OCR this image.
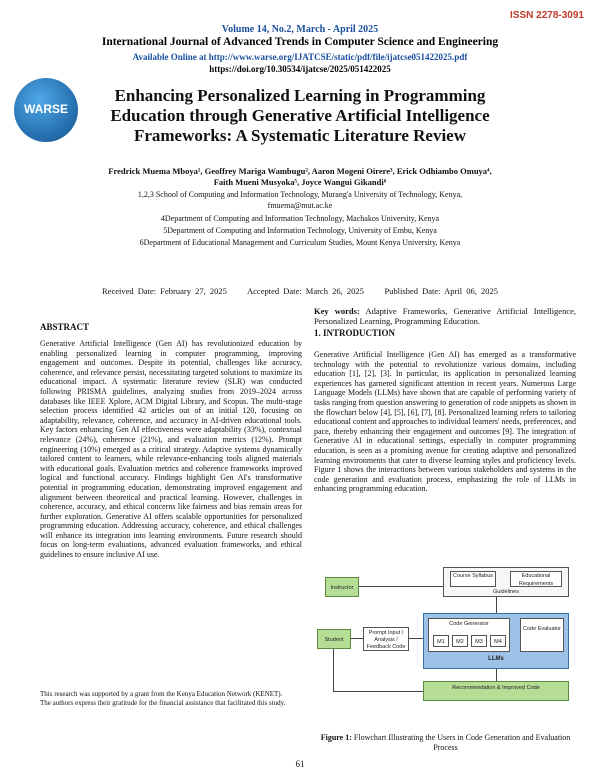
ISSN 2278-3091
Volume 14, No.2, March - April 2025
International Journal of Advanced Trends in Computer Science and Engineering
Available Online at http://www.warse.org/IJATCSE/static/pdf/file/ijatcse051422025.pdf
https://doi.org/10.30534/ijatcse/2025/051422025
WARSE
Enhancing Personalized Learning in Programming Education through Generative Artificial Intelligence Frameworks: A Systematic Literature Review
Fredrick Muema Mboya¹, Geoffrey Mariga Wambugu², Aaron Mogeni Oirere³, Erick Odhiambo Omuya⁴,
Faith Mueni Musyoka⁵, Joyce Wangui Gikandi⁶
1,2,3 School of Computing and Information Technology, Murang'a University of Technology, Kenya,
fmuema@mut.ac.ke
4Department of Computing and Information Technology, Machakos University, Kenya
5Department of Computing and Information Technology, University of Embu, Kenya
6Department of Educational Management and Curriculum Studies, Mount Kenya University, Kenya
Received Date: February 27, 2025     Accepted Date: March 26, 2025     Published Date: April 06, 2025
ABSTRACT
Generative Artificial Intelligence (Gen AI) has revolutionized education by enabling personalized learning in computer programming, improving engagement and outcomes. Despite its potential, challenges like accuracy, coherence, and relevance persist, necessitating targeted solutions to maximize its educational impact. A systematic literature review (SLR) was conducted following PRISMA guidelines, analyzing studies from 2019–2024 across databases like IEEE Xplore, ACM Digital Library, and Scopus. The multi-stage selection process identified 42 articles out of an initial 120, focusing on adaptability, relevance, coherence, and accuracy in AI-driven educational tools. Key factors enhancing Gen AI effectiveness were adaptability (33%), contextual relevance (24%), coherence (21%), and evaluation metrics (12%). Prompt engineering (10%) emerged as a critical strategy. Adaptive systems dynamically tailored content to learners, while relevance-enhancing tools aligned materials with educational goals. Evaluation metrics and coherence frameworks improved logical and functional accuracy. Findings highlight Gen AI's transformative potential in programming education, demonstrating improved engagement and alignment between theoretical and practical learning. However, challenges in coherence, accuracy, and ethical concerns like fairness and bias remain areas for further exploration. Generative AI offers scalable opportunities for personalized programming education. Addressing accuracy, coherence, and ethical challenges will enhance its integration into learning environments. Future research should focus on long-term evaluations, advanced evaluation frameworks, and ethical guidelines to ensure inclusive AI use.
This research was supported by a grant from the Kenya Education Network (KENET). The authors express their gratitude for the financial assistance that facilitated this study.
Key words: Adaptive Frameworks, Generative Artificial Intelligence, Personalized Learning, Programming Education.
1. INTRODUCTION
Generative Artificial Intelligence (Gen AI) has emerged as a transformative technology with the potential to revolutionize various domains, including education [1], [2], [3]. In particular, its application in personalized learning experiences has garnered significant attention in recent years. Numerous Large Language Models (LLMs) have shown that are capable of performing variety of tasks ranging from question answering to generation of code snippets as shown in the flowchart below [4], [5], [6], [7], [8]. Personalized learning refers to tailoring educational content and approaches to individual learners' needs, preferences, and pace, thereby enhancing their engagement and outcomes [9]. The integration of Generative AI in educational settings, especially in computer programming education, is seen as a promising avenue for creating adaptive and personalized learning environments that cater to diverse learning styles and proficiency levels. Figure 1 shows the interactions between various stakeholders and systems in the code generation and evaluation process, emphasizing the role of LLMs in enhancing programming education.
Instructor
Course Syllabus	Educational Requirements
Guidelines
Student
Prompt Input / Analysis / Feedback Code
Code Generator
M1	M2	M3	M4
Code Evaluator
LLMs
Recommendation & Improved Code
Figure 1: Flowchart Illustrating the Users in Code Generation and Evaluation Process
61
